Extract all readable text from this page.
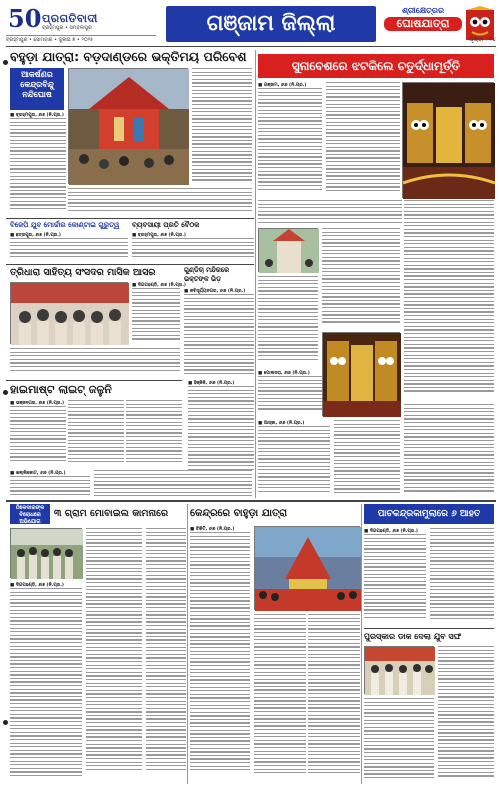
50 ପ୍ରଗତିବାଦୀ
ବ୍ରହ୍ମପୁର • ସମ୍ବଲପୁର
ବ୍ରହ୍ମପୁର • ସୋମବାର • ଜୁଲାଇ ୭ • ୨୦୨୫
ଗଞ୍ଜାମ ଜିଲ୍ଲା
ଶ୍ରୀକ୍ଷେତ୍ରର
ଘୋଷଯାତ୍ରା
ପୃଷ୍ଠା : ୧୪
ବହୁଡ଼ା ଯାତ୍ରା: ବଡ଼ଦାଣ୍ଡରେ ଭକ୍ତିମୟ ପରିବେଶ
ଆକର୍ଷଣର କେନ୍ଦ୍ରବିନ୍ଦୁ ନନ୍ଦିଘୋଷ
■ ବ୍ରହ୍ମପୁର, ୬ା୭ (ନି.ପ୍ର.)
ସୁନାବେଶରେ ଝଟକିଲେ ଚତୁର୍ଦ୍ଧାମୂର୍ତ୍ତି
■ ଗଞ୍ଜାମ, ୬ା୭ (ନି.ପ୍ର.)
ବିଜେପି ଯୁବ ମୋର୍ଚ୍ଚାର କୋଣ୍ଟାଇ ଗୁରୁତ୍ୱ	ବ୍ୟବସାୟୀ ପ୍ରତି ବୈଠକ
■ ଛତ୍ରପୁର, ୬ା୭ (ନି.ପ୍ର.)	■ ବ୍ରହ୍ମପୁର, ୬ା୭ (ନି.ପ୍ର.)
ତ୍ରିଧାରା ସାହିତ୍ୟ ସଂସଦର ମାସିକ ଆସର
■ ଦିଗପହଣ୍ଡି, ୬ା୭ (ନି.ପ୍ର.)
ଗୁଣ୍ଡିଚା ମନ୍ଦିରରେ ଭକ୍ତଙ୍କ ଭିଡ଼
■ କବିସୂର୍ଯ୍ୟନଗର, ୬ା୭ (ନି.ପ୍ର.)
ହାଇମାଷ୍ଟ ଲାଇଟ୍ ଜଳୁନି
■ ଭଞ୍ଜନଗର, ୬ା୭ (ନି.ପ୍ର.)
■ ହିଞ୍ଜିଳି, ୬ା୭ (ନି.ପ୍ର.)
■ ପୋଲସରା, ୬ା୭ (ନି.ପ୍ର.)
■ ଆସ୍କା, ୬ା୭ (ନି.ପ୍ର.)
■ ଖଲ୍ଲିକୋଟ, ୬ା୭ (ନି.ପ୍ର.)
ଠିକେଦାରଙ୍କ ବିରୋଧରେ ଅଭିଯୋଗ
୩ ଗ୍ରାମ ମୋବାଇଲ କାମନାରେ
■ ଦିଗପହଣ୍ଡି, ୬ା୭ (ନି.ପ୍ର.)
କେନ୍ଦ୍ରରେ ବାହୁଡ଼ା ଯାତ୍ରା
■ ଚିକିଟି, ୬ା୭ (ନି.ପ୍ର.)
ପାଚକନ୍ଦ୍ରକାମୁଲାରେ ୬ ଆହତ
■ ଦିଗପହଣ୍ଡି, ୬ା୭ (ନି.ପ୍ର.)
ପୁରସ୍କାର ଡାକ ଦେଲା ଯୁବ ସଙ୍ଘ
